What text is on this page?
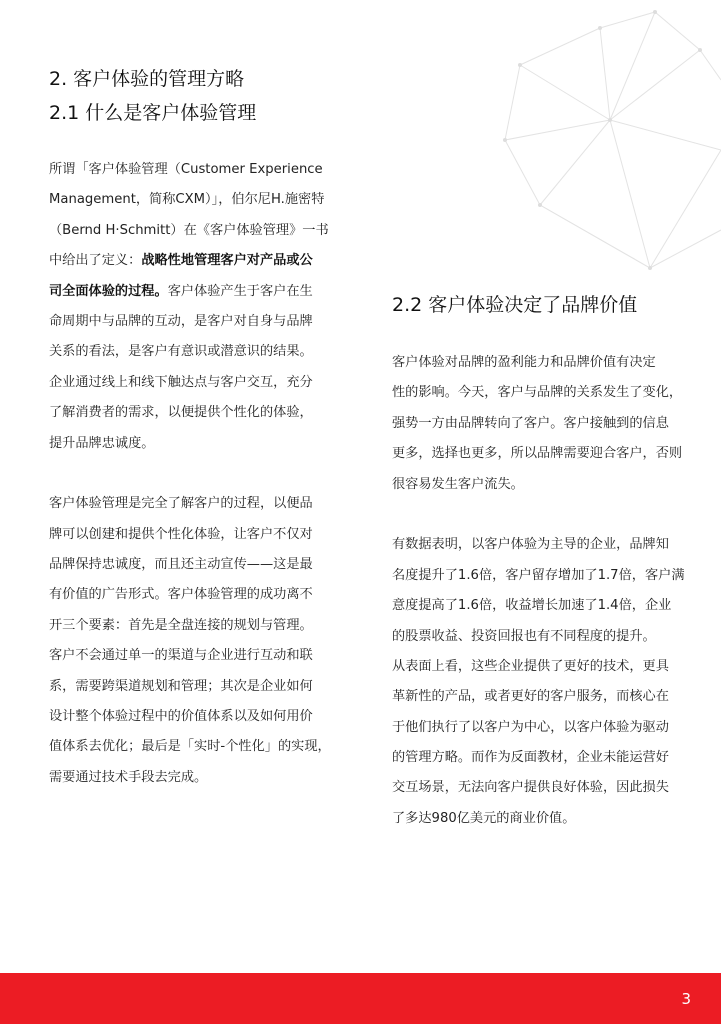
2. 客户体验的管理方略
2.1 什么是客户体验管理
所谓「客户体验管理（Customer Experience
Management，简称CXM）」，伯尔尼H.施密特
（Bernd H·Schmitt）在《客户体验管理》一书
中给出了定义：战略性地管理客户对产品或公
司全面体验的过程。客户体验产生于客户在生
命周期中与品牌的互动，是客户对自身与品牌
关系的看法，是客户有意识或潜意识的结果。
企业通过线上和线下触达点与客户交互，充分
了解消费者的需求，以便提供个性化的体验，
提升品牌忠诚度。
客户体验管理是完全了解客户的过程，以便品
牌可以创建和提供个性化体验，让客户不仅对
品牌保持忠诚度，而且还主动宣传——这是最
有价值的广告形式。客户体验管理的成功离不
开三个要素：首先是全盘连接的规划与管理。
客户不会通过单一的渠道与企业进行互动和联
系，需要跨渠道规划和管理；其次是企业如何
设计整个体验过程中的价值体系以及如何用价
值体系去优化；最后是「实时-个性化」的实现，
需要通过技术手段去完成。
2.2 客户体验决定了品牌价值
客户体验对品牌的盈利能力和品牌价值有决定
性的影响。今天，客户与品牌的关系发生了变化，
强势一方由品牌转向了客户。客户接触到的信息
更多，选择也更多，所以品牌需要迎合客户，否则
很容易发生客户流失。
有数据表明，以客户体验为主导的企业，品牌知
名度提升了1.6倍，客户留存增加了1.7倍，客户满
意度提高了1.6倍，收益增长加速了1.4倍，企业
的股票收益、投资回报也有不同程度的提升。
从表面上看，这些企业提供了更好的技术，更具
革新性的产品，或者更好的客户服务，而核心在
于他们执行了以客户为中心，以客户体验为驱动
的管理方略。而作为反面教材，企业未能运营好
交互场景，无法向客户提供良好体验，因此损失
了多达980亿美元的商业价值。
3
